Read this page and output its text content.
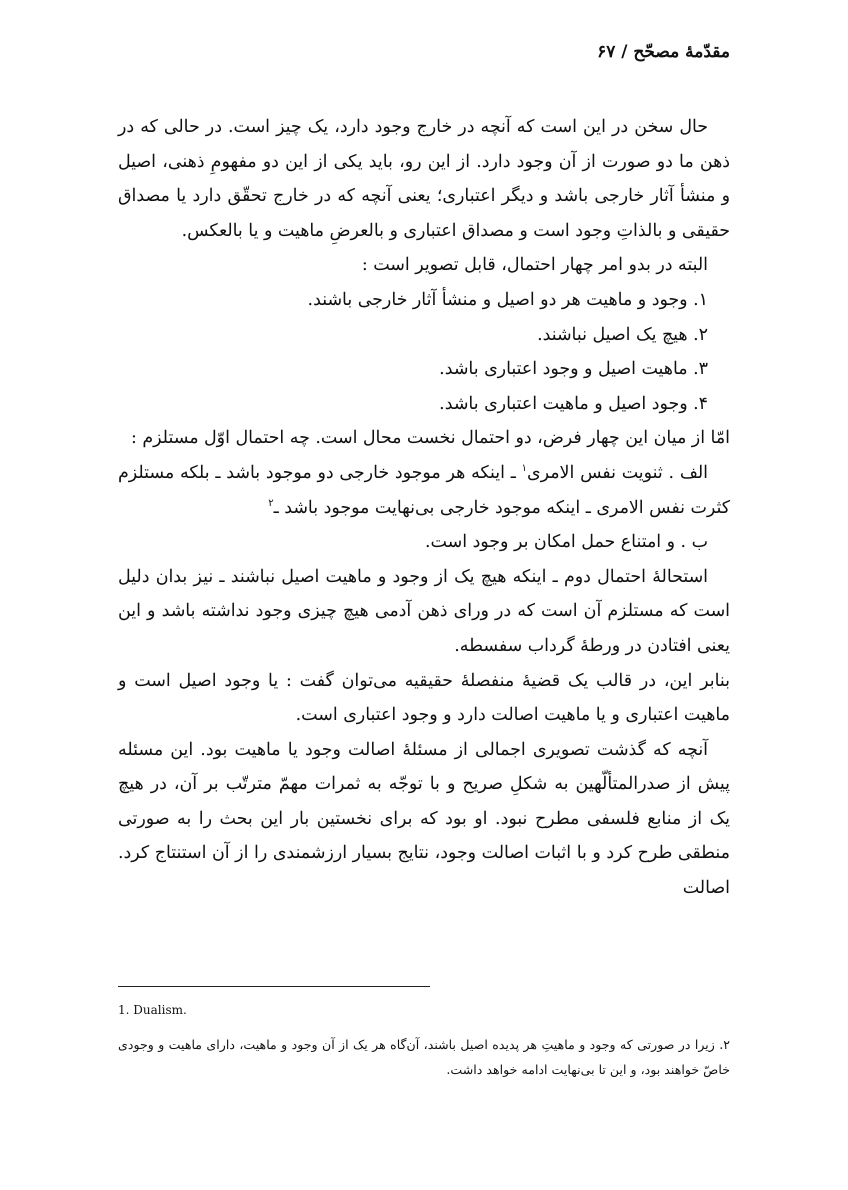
مقدّمهٔ مصحّح / ۶۷

حال سخن در این است که آنچه در خارج وجود دارد، یک چیز است. در حالی که در ذهن ما دو صورت از آن وجود دارد. از این رو، باید یکی از این دو مفهومِ ذهنی، اصیل و منشأ آثار خارجی باشد و دیگر اعتباری؛ یعنی آنچه که در خارج تحقّق دارد یا مصداق حقیقی و بالذاتِ وجود است و مصداق اعتباری و بالعرضِ ماهیت و یا بالعکس.

البته در بدو امر چهار احتمال، قابل تصویر است :

۱. وجود و ماهیت هر دو اصیل و منشأ آثار خارجی باشند.

۲. هیچ یک اصیل نباشند.

۳. ماهیت اصیل و وجود اعتباری باشد.

۴. وجود اصیل و ماهیت اعتباری باشد.

امّا از میان این چهار فرض، دو احتمال نخست محال است. چه احتمال اوّل مستلزم :

الف . ثنویت نفس الامری$^۱$ ـ اینکه هر موجود خارجی دو موجود باشد ـ بلکه مستلزم کثرت نفس الامری ـ اینکه موجود خارجی بی‌نهایت موجود باشد ـ$^۲$

ب . و امتناع حمل امکان بر وجود است.

استحالهٔ احتمال دوم ـ اینکه هیچ یک از وجود و ماهیت اصیل نباشند ـ نیز بدان دلیل است که مستلزم آن است که در ورای ذهن آدمی هیچ چیزی وجود نداشته باشد و این یعنی افتادن در ورطهٔ گرداب سفسطه.

بنابر این، در قالب یک قضیهٔ منفصلهٔ حقیقیه می‌توان گفت : یا وجود اصیل است و ماهیت اعتباری و یا ماهیت اصالت دارد و وجود اعتباری است.

آنچه که گذشت تصویری اجمالی از مسئلهٔ اصالت وجود یا ماهیت بود. این مسئله پیش از صدرالمتألّهین به شکلِ صریح و با توجّه به ثمرات مهمّ مترتّب بر آن، در هیچ یک از منابع فلسفی مطرح نبود. او بود که برای نخستین بار این بحث را به صورتی منطقی طرح کرد و با اثبات اصالت وجود، نتایج بسیار ارزشمندی را از آن استنتاج کرد. اصالت

1. Dualism.

۲. زیرا در صورتی که وجود و ماهیتِ هر پدیده اصیل باشند، آن‌گاه هر یک از آن وجود و ماهیت، دارای ماهیت و وجودی خاصّ خواهند بود، و این تا بی‌نهایت ادامه خواهد داشت.
